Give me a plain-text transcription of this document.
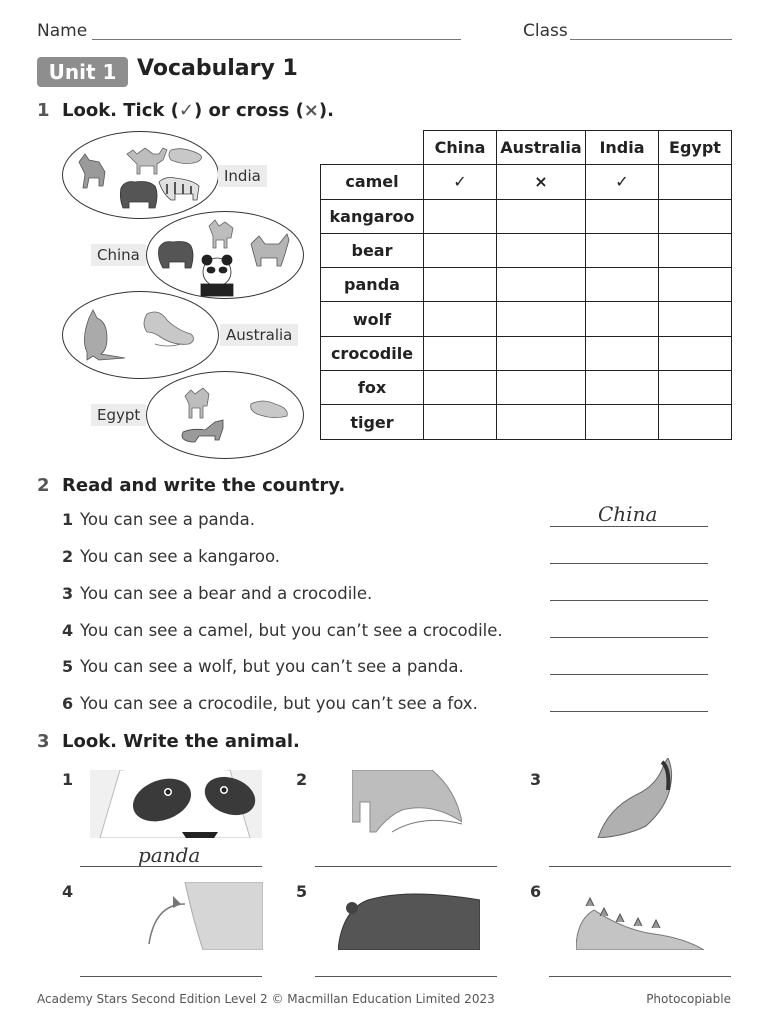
Name	Class
Unit 1 Vocabulary 1
1 Look. Tick (✓) or cross (×).
India
China
Australia
Egypt
	China	Australia	India	Egypt
camel	✓	×	✓	
kangaroo				
bear				
panda				
wolf				
crocodile				
fox				
tiger				
2 Read and write the country.
1 You can see a panda.	China
2 You can see a kangaroo.
3 You can see a bear and a crocodile.
4 You can see a camel, but you can’t see a crocodile.
5 You can see a wolf, but you can’t see a panda.
6 You can see a crocodile, but you can’t see a fox.
3 Look. Write the animal.
1
panda
2	3
4	5	6
Academy Stars Second Edition Level 2 © Macmillan Education Limited 2023	Photocopiable
